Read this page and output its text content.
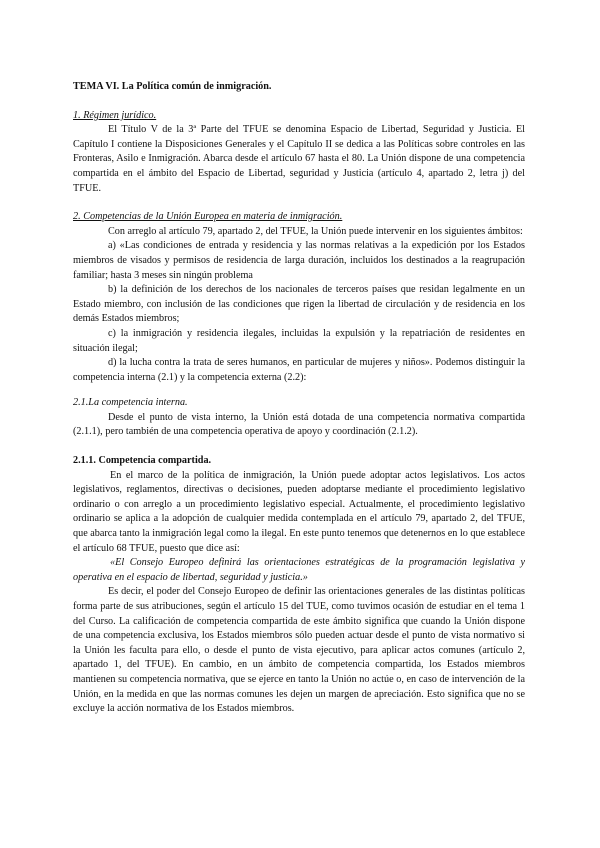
TEMA VI. La Política común de inmigración.
1. Régimen jurídico.

El Título V de la 3ª Parte del TFUE se denomina Espacio de Libertad, Seguridad y Justicia. El Capítulo I contiene la Disposiciones Generales y el Capítulo II se dedica a las Políticas sobre controles en las Fronteras, Asilo e Inmigración. Abarca desde el artículo 67 hasta el 80. La Unión dispone de una competencia compartida en el ámbito del Espacio de Libertad, seguridad y Justicia (artículo 4, apartado 2, letra j) del TFUE.

2. Competencias de la Unión Europea en materia de inmigración.

Con arreglo al artículo 79, apartado 2, del TFUE, la Unión puede intervenir en los siguientes ámbitos:

a) «Las condiciones de entrada y residencia y las normas relativas a la expedición por los Estados miembros de visados y permisos de residencia de larga duración, incluidos los destinados a la reagrupación familiar; hasta 3 meses sin ningún problema

b) la definición de los derechos de los nacionales de terceros países que residan legalmente en un Estado miembro, con inclusión de las condiciones que rigen la libertad de circulación y de residencia en los demás Estados miembros;

c) la inmigración y residencia ilegales, incluidas la expulsión y la repatriación de residentes en situación ilegal;

d) la lucha contra la trata de seres humanos, en particular de mujeres y niños». Podemos distinguir la competencia interna (2.1) y la competencia externa (2.2):

2.1.La competencia interna.

Desde el punto de vista interno, la Unión está dotada de una competencia normativa compartida (2.1.1), pero también de una competencia operativa de apoyo y coordinación (2.1.2).

2.1.1. Competencia compartida.

En el marco de la política de inmigración, la Unión puede adoptar actos legislativos. Los actos legislativos, reglamentos, directivas o decisiones, pueden adoptarse mediante el procedimiento legislativo ordinario o con arreglo a un procedimiento legislativo especial. Actualmente, el procedimiento legislativo ordinario se aplica a la adopción de cualquier medida contemplada en el artículo 79, apartado 2, del TFUE, que abarca tanto la inmigración legal como la ilegal. En este punto tenemos que detenernos en lo que establece el artículo 68 TFUE, puesto que dice así:

«El Consejo Europeo definirá las orientaciones estratégicas de la programación legislativa y operativa en el espacio de libertad, seguridad y justicia.»

Es decir, el poder del Consejo Europeo de definir las orientaciones generales de las distintas políticas forma parte de sus atribuciones, según el artículo 15 del TUE, como tuvimos ocasión de estudiar en el tema 1 del Curso. La calificación de competencia compartida de este ámbito significa que cuando la Unión dispone de una competencia exclusiva, los Estados miembros sólo pueden actuar desde el punto de vista normativo si la Unión les faculta para ello, o desde el punto de vista ejecutivo, para aplicar actos comunes (artículo 2, apartado 1, del TFUE). En cambio, en un ámbito de competencia compartida, los Estados miembros mantienen su competencia normativa, que se ejerce en tanto la Unión no actúe o, en caso de intervención de la Unión, en la medida en que las normas comunes les dejen un margen de apreciación. Esto significa que no se excluye la acción normativa de los Estados miembros.
